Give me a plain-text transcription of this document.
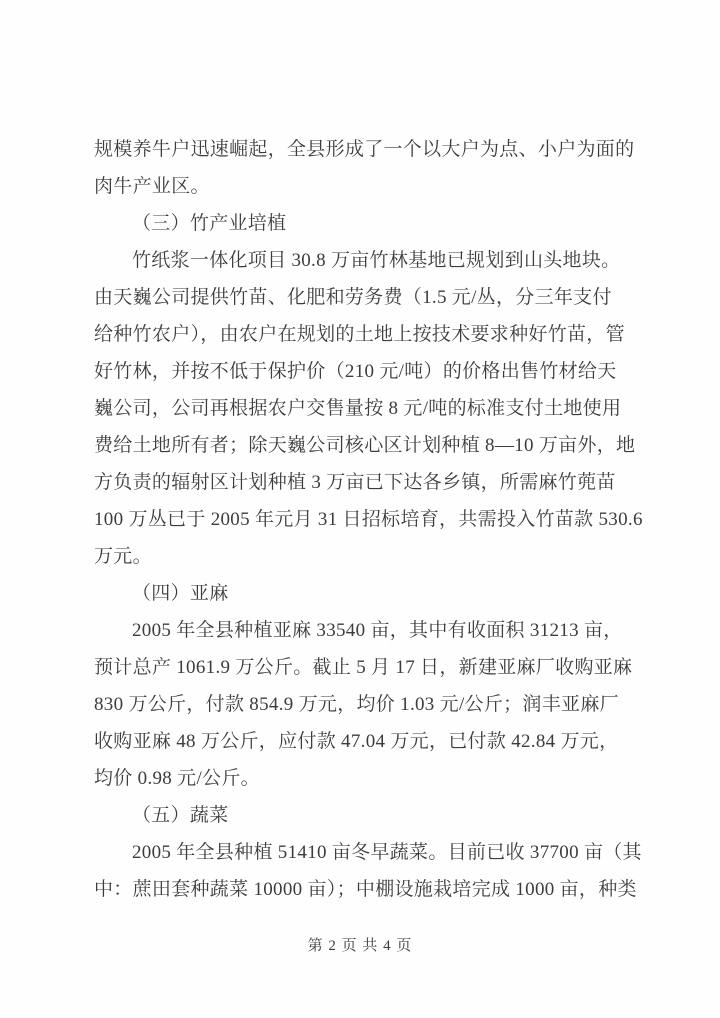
规模养牛户迅速崛起，全县形成了一个以大户为点、小户为面的
肉牛产业区。
（三）竹产业培植
竹纸浆一体化项目 30.8 万亩竹林基地已规划到山头地块。
由天巍公司提供竹苗、化肥和劳务费（1.5 元/丛，分三年支付
给种竹农户），由农户在规划的土地上按技术要求种好竹苗，管
好竹林，并按不低于保护价（210 元/吨）的价格出售竹材给天
巍公司，公司再根据农户交售量按 8 元/吨的标准支付土地使用
费给土地所有者；除天巍公司核心区计划种植 8—10 万亩外，地
方负责的辐射区计划种植 3 万亩已下达各乡镇，所需麻竹蔸苗
100 万丛已于 2005 年元月 31 日招标培育，共需投入竹苗款 530.6
万元。
（四）亚麻
2005 年全县种植亚麻 33540 亩，其中有收面积 31213 亩，
预计总产 1061.9 万公斤。截止 5 月 17 日，新建亚麻厂收购亚麻
830 万公斤，付款 854.9 万元，均价 1.03 元/公斤；润丰亚麻厂
收购亚麻 48 万公斤，应付款 47.04 万元，已付款 42.84 万元，
均价 0.98 元/公斤。
（五）蔬菜
2005 年全县种植 51410 亩冬早蔬菜。目前已收 37700 亩（其
中：蔗田套种蔬菜 10000 亩）；中棚设施栽培完成 1000 亩，种类
第 2 页 共 4 页
